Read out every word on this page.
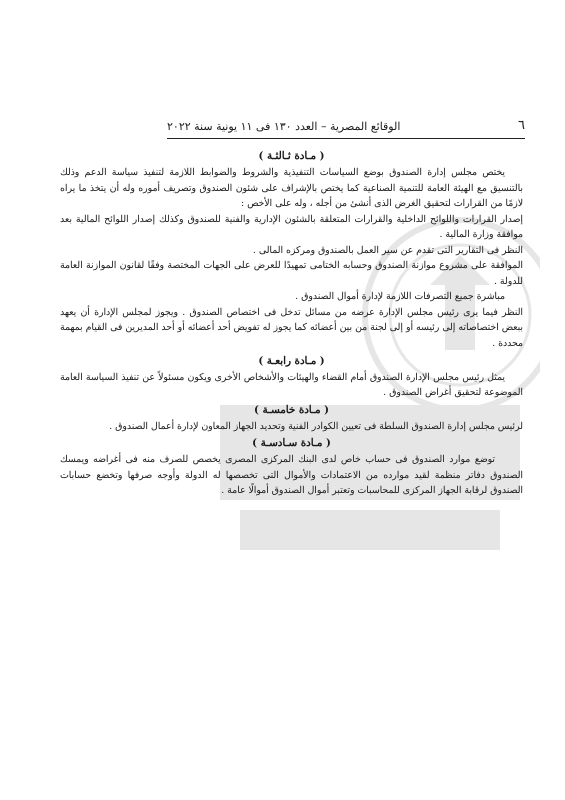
٦
الوقائع المصرية – العدد ١٣٠ فى ١١ يونية سنة ٢٠٢٢
( مـادة ثـالثـة )

يختص مجلس إدارة الصندوق بوضع السياسات التنفيذية والشروط والضوابط اللازمة لتنفيذ سياسة الدعم وذلك بالتنسيق مع الهيئة العامة للتنمية الصناعية كما يختص بالإشراف على شئون الصندوق وتصريف أموره وله أن يتخذ ما يراه لازمًا من القرارات لتحقيق الغرض الذى أنشئ من أجله ، وله على الأخص :

إصدار القرارات واللوائح الداخلية والقرارات المتعلقة بالشئون الإدارية والفنية للصندوق وكذلك إصدار اللوائح المالية بعد موافقة وزارة المالية .

النظر فى التقارير التى تقدم عن سير العمل بالصندوق ومركزه المالى .

الموافقة على مشروع موازنة الصندوق وحسابه الختامى تمهيدًا للعرض على الجهات المختصة وفقًا لقانون الموازنة العامة للدولة .

مباشرة جميع التصرفات اللازمة لإدارة أموال الصندوق .

النظر فيما يرى رئيس مجلس الإدارة عرضه من مسائل تدخل فى اختصاص الصندوق . ويجوز لمجلس الإدارة أن يعهد ببعض اختصاصاته إلى رئيسه أو إلى لجنة من بين أعضائه كما يجوز له تفويض أحد أعضائه أو أحد المديرين فى القيام بمهمة محددة .

( مـادة رابعـة )

يمثل رئيس مجلس الإدارة الصندوق أمام القضاء والهيئات والأشخاص الأخرى ويكون مسئولاً عن تنفيذ السياسة العامة الموضوعة لتحقيق أغراض الصندوق .

( مـادة خامسـة )

لرئيس مجلس إدارة الصندوق السلطة فى تعيين الكوادر الفنية وتحديد الجهاز المعاون لإدارة أعمال الصندوق .

( مـادة سـادسـة )

توضع موارد الصندوق فى حساب خاص لدى البنك المركزى المصرى يخصص للصرف منه فى أغراضه ويمسك الصندوق دفاتر منظمة لقيد موارده من الاعتمادات والأموال التى تخصصها له الدولة وأوجه صرفها وتخضع حسابات الصندوق لرقابة الجهاز المركزى للمحاسبات وتعتبر أموال الصندوق أموالًا عامة .
